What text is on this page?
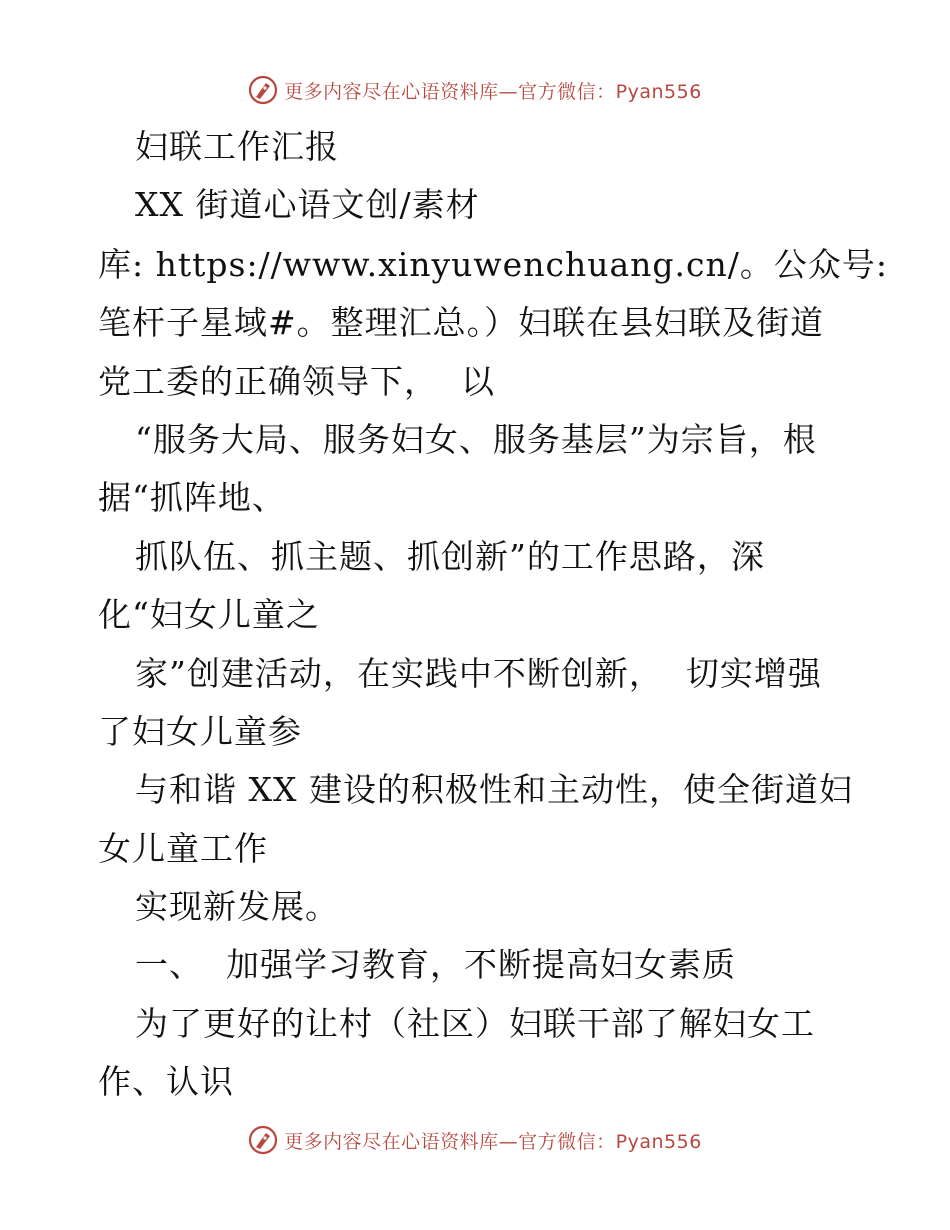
更多内容尽在心语资料库—官方微信：Pyan556
妇联工作汇报
XX 街道心语文创/素材
库: https://www.xinyuwenchuang.cn/。公众号:
笔杆子星域#。整理汇总。）妇联在县妇联及街道
党工委的正确领导下，  以
“服务大局、服务妇女、服务基层”为宗旨，根
据“抓阵地、
抓队伍、抓主题、抓创新”的工作思路，深
化“妇女儿童之
家”创建活动，在实践中不断创新，  切实增强
了妇女儿童参
与和谐 XX 建设的积极性和主动性，使全街道妇
女儿童工作
实现新发展。
一、  加强学习教育，不断提高妇女素质
为了更好的让村（社区）妇联干部了解妇女工
作、认识
更多内容尽在心语资料库—官方微信：Pyan556
